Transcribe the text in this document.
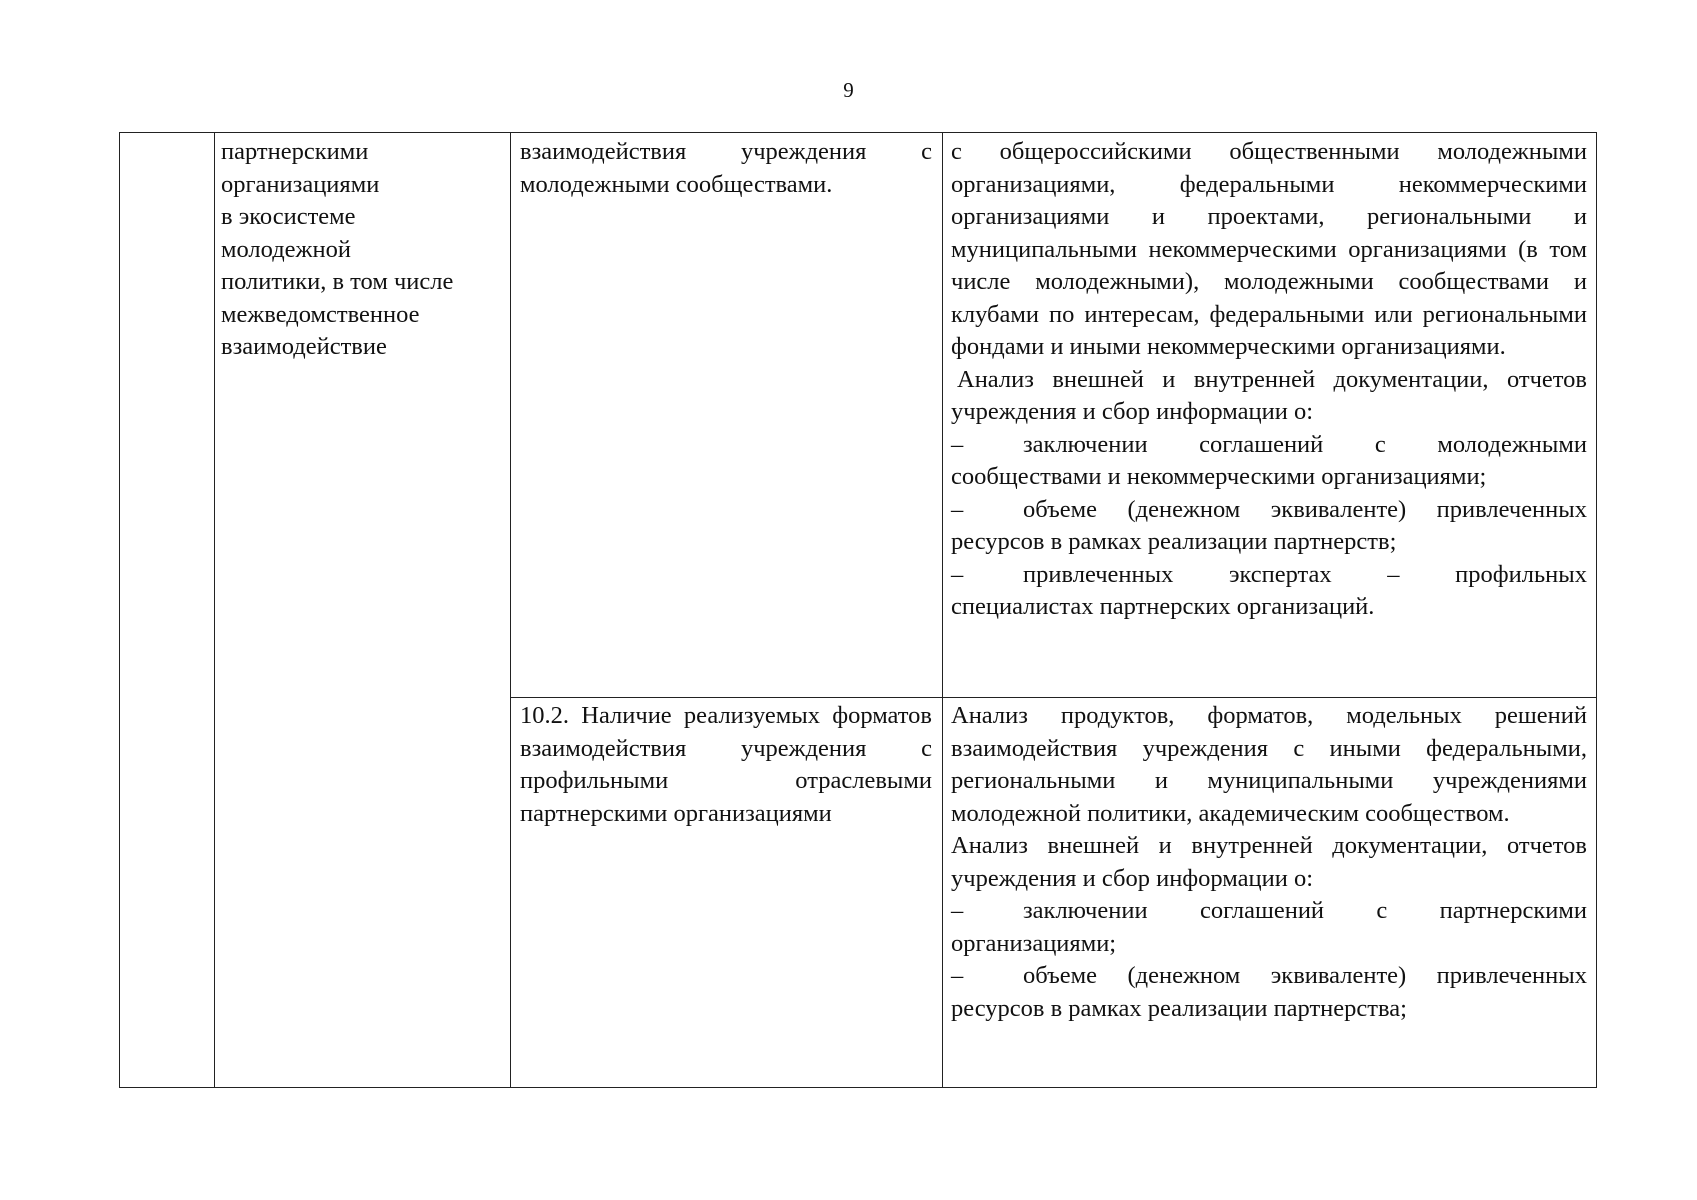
9

партнерскими

организациями

в экосистеме

молодежной

политики, в том числе

межведомственное

взаимодействие

взаимодействия учреждения с молодежными сообществами.

с общероссийскими общественными молодежными организациями, федеральными некоммерческими организациями и проектами, региональными и муниципальными некоммерческими организациями (в том числе молодежными), молодежными сообществами и клубами по интересам, федеральными или региональными фондами и иными некоммерческими организациями.

Анализ внешней и внутренней документации, отчетов учреждения и сбор информации о:

– заключении соглашений с молодежными сообществами и некоммерческими организациями;

– объеме (денежном эквиваленте) привлеченных ресурсов в рамках реализации партнерств;

– привлеченных экспертах – профильных специалистах партнерских организаций.

10.2. Наличие реализуемых форматов взаимодействия учреждения с профильными отраслевыми партнерскими организациями

Анализ продуктов, форматов, модельных решений взаимодействия учреждения с иными федеральными, региональными и муниципальными учреждениями молодежной политики, академическим сообществом.

Анализ внешней и внутренней документации, отчетов учреждения и сбор информации о:

– заключении соглашений с партнерскими организациями;

– объеме (денежном эквиваленте) привлеченных ресурсов в рамках реализации партнерства;
